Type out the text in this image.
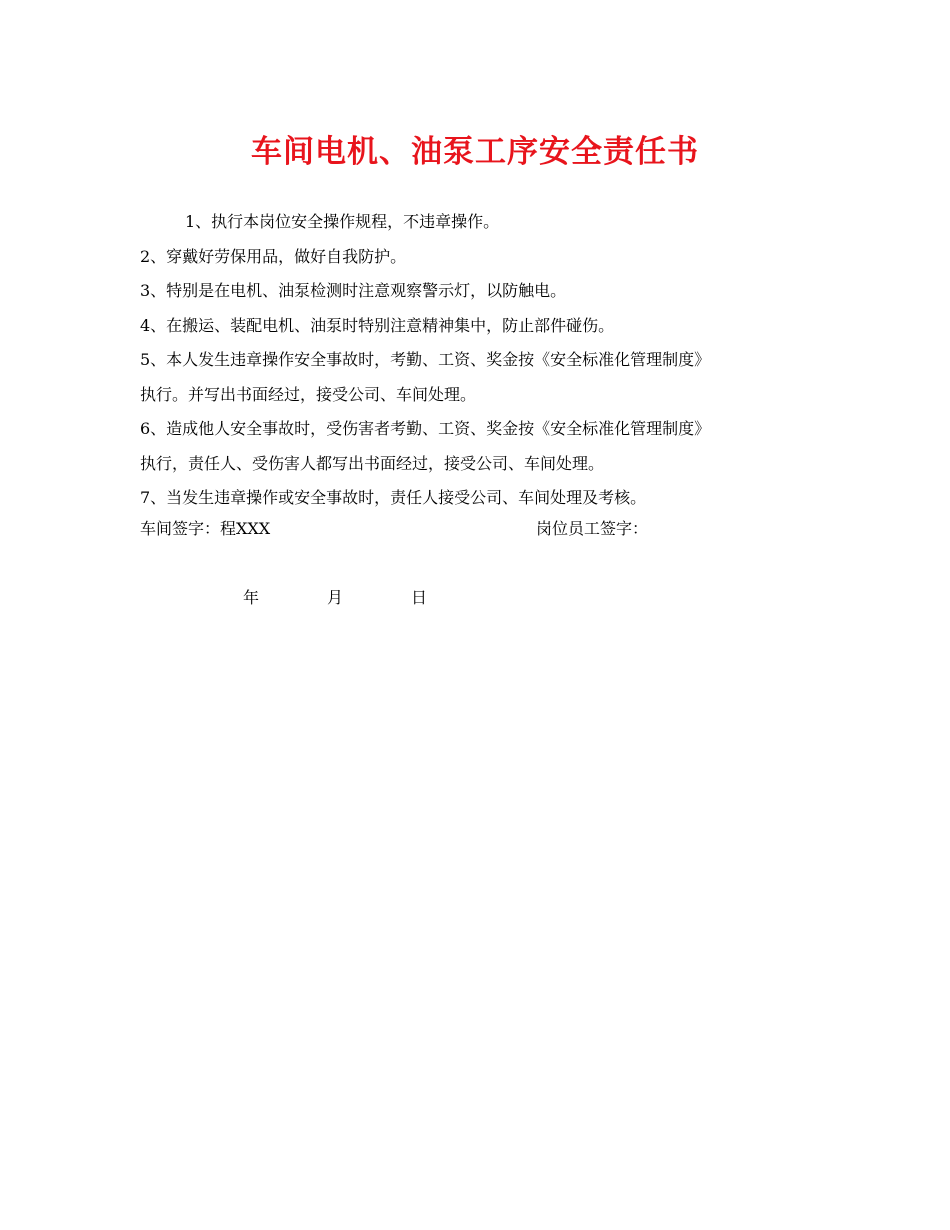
车间电机、油泵工序安全责任书
1、执行本岗位安全操作规程，不违章操作。
2、穿戴好劳保用品，做好自我防护。
3、特别是在电机、油泵检测时注意观察警示灯，以防触电。
4、在搬运、装配电机、油泵时特别注意精神集中，防止部件碰伤。
5、本人发生违章操作安全事故时，考勤、工资、奖金按《安全标准化管理制度》
执行。并写出书面经过，接受公司、车间处理。
6、造成他人安全事故时，受伤害者考勤、工资、奖金按《安全标准化管理制度》
执行，责任人、受伤害人都写出书面经过，接受公司、车间处理。
7、当发生违章操作或安全事故时，责任人接受公司、车间处理及考核。
车间签字：程XXX	岗位员工签字：
年	月	日
